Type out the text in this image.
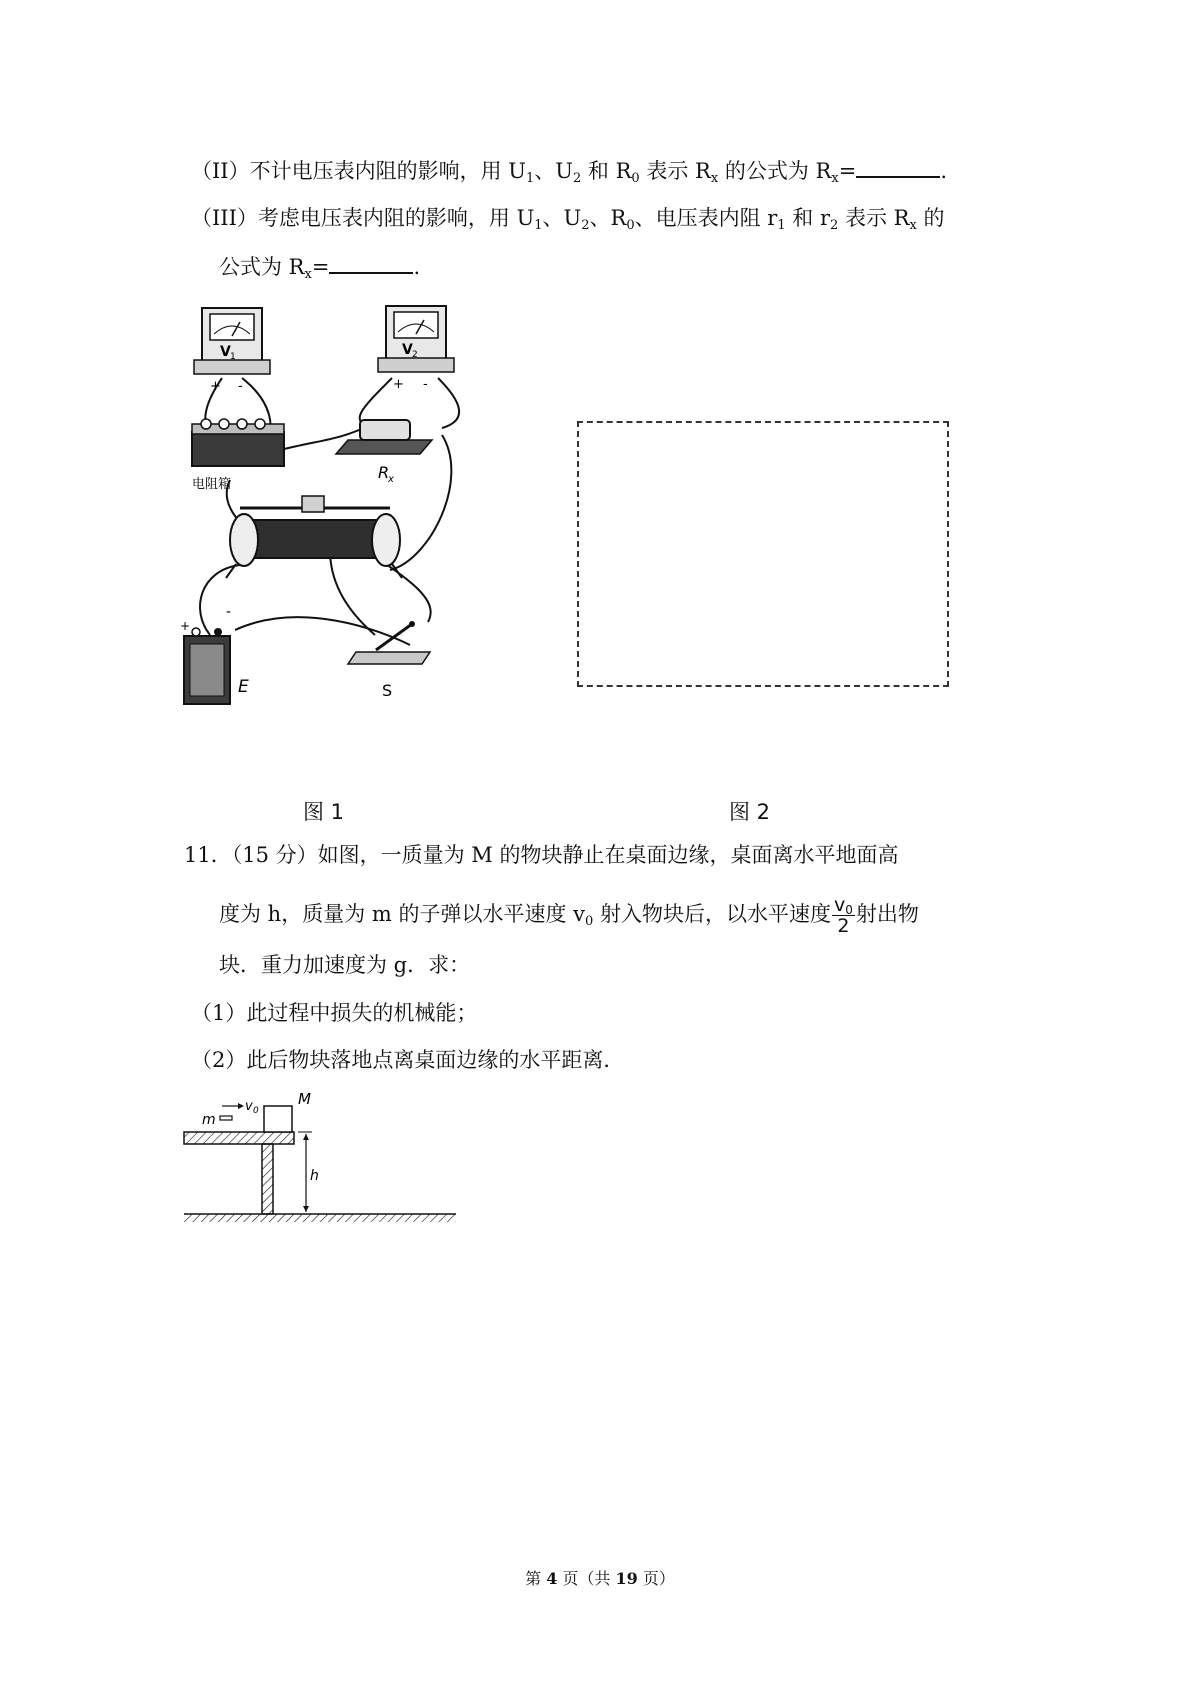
（II）不计电压表内阻的影响，用 $U_1$、$U_2$ 和 $R_0$ 表示 $R_x$ 的公式为 $R_x=$	.
（III）考虑电压表内阻的影响，用 $U_1$、$U_2$、$R_0$、电压表内阻 $r_1$ 和 $r_2$ 表示 $R_x$ 的
公式为 $R_x=$	.
V 1
+ -
V 2
+ -
电阻箱
R
x
+
-
E	S
图 1	图 2
11．（15 分）如图，一质量为 M 的物块静止在桌面边缘，桌面离水平地面高
度为 h，质量为 m 的子弹以水平速度 $v_0$ 射入物块后，以水平速度 $\frac{v_0}{2}$ 射出物
块．重力加速度为 g．求：
（1）此过程中损失的机械能；
（2）此后物块落地点离桌面边缘的水平距离．
M
m
v 0
h
第 4 页（共 19 页）
